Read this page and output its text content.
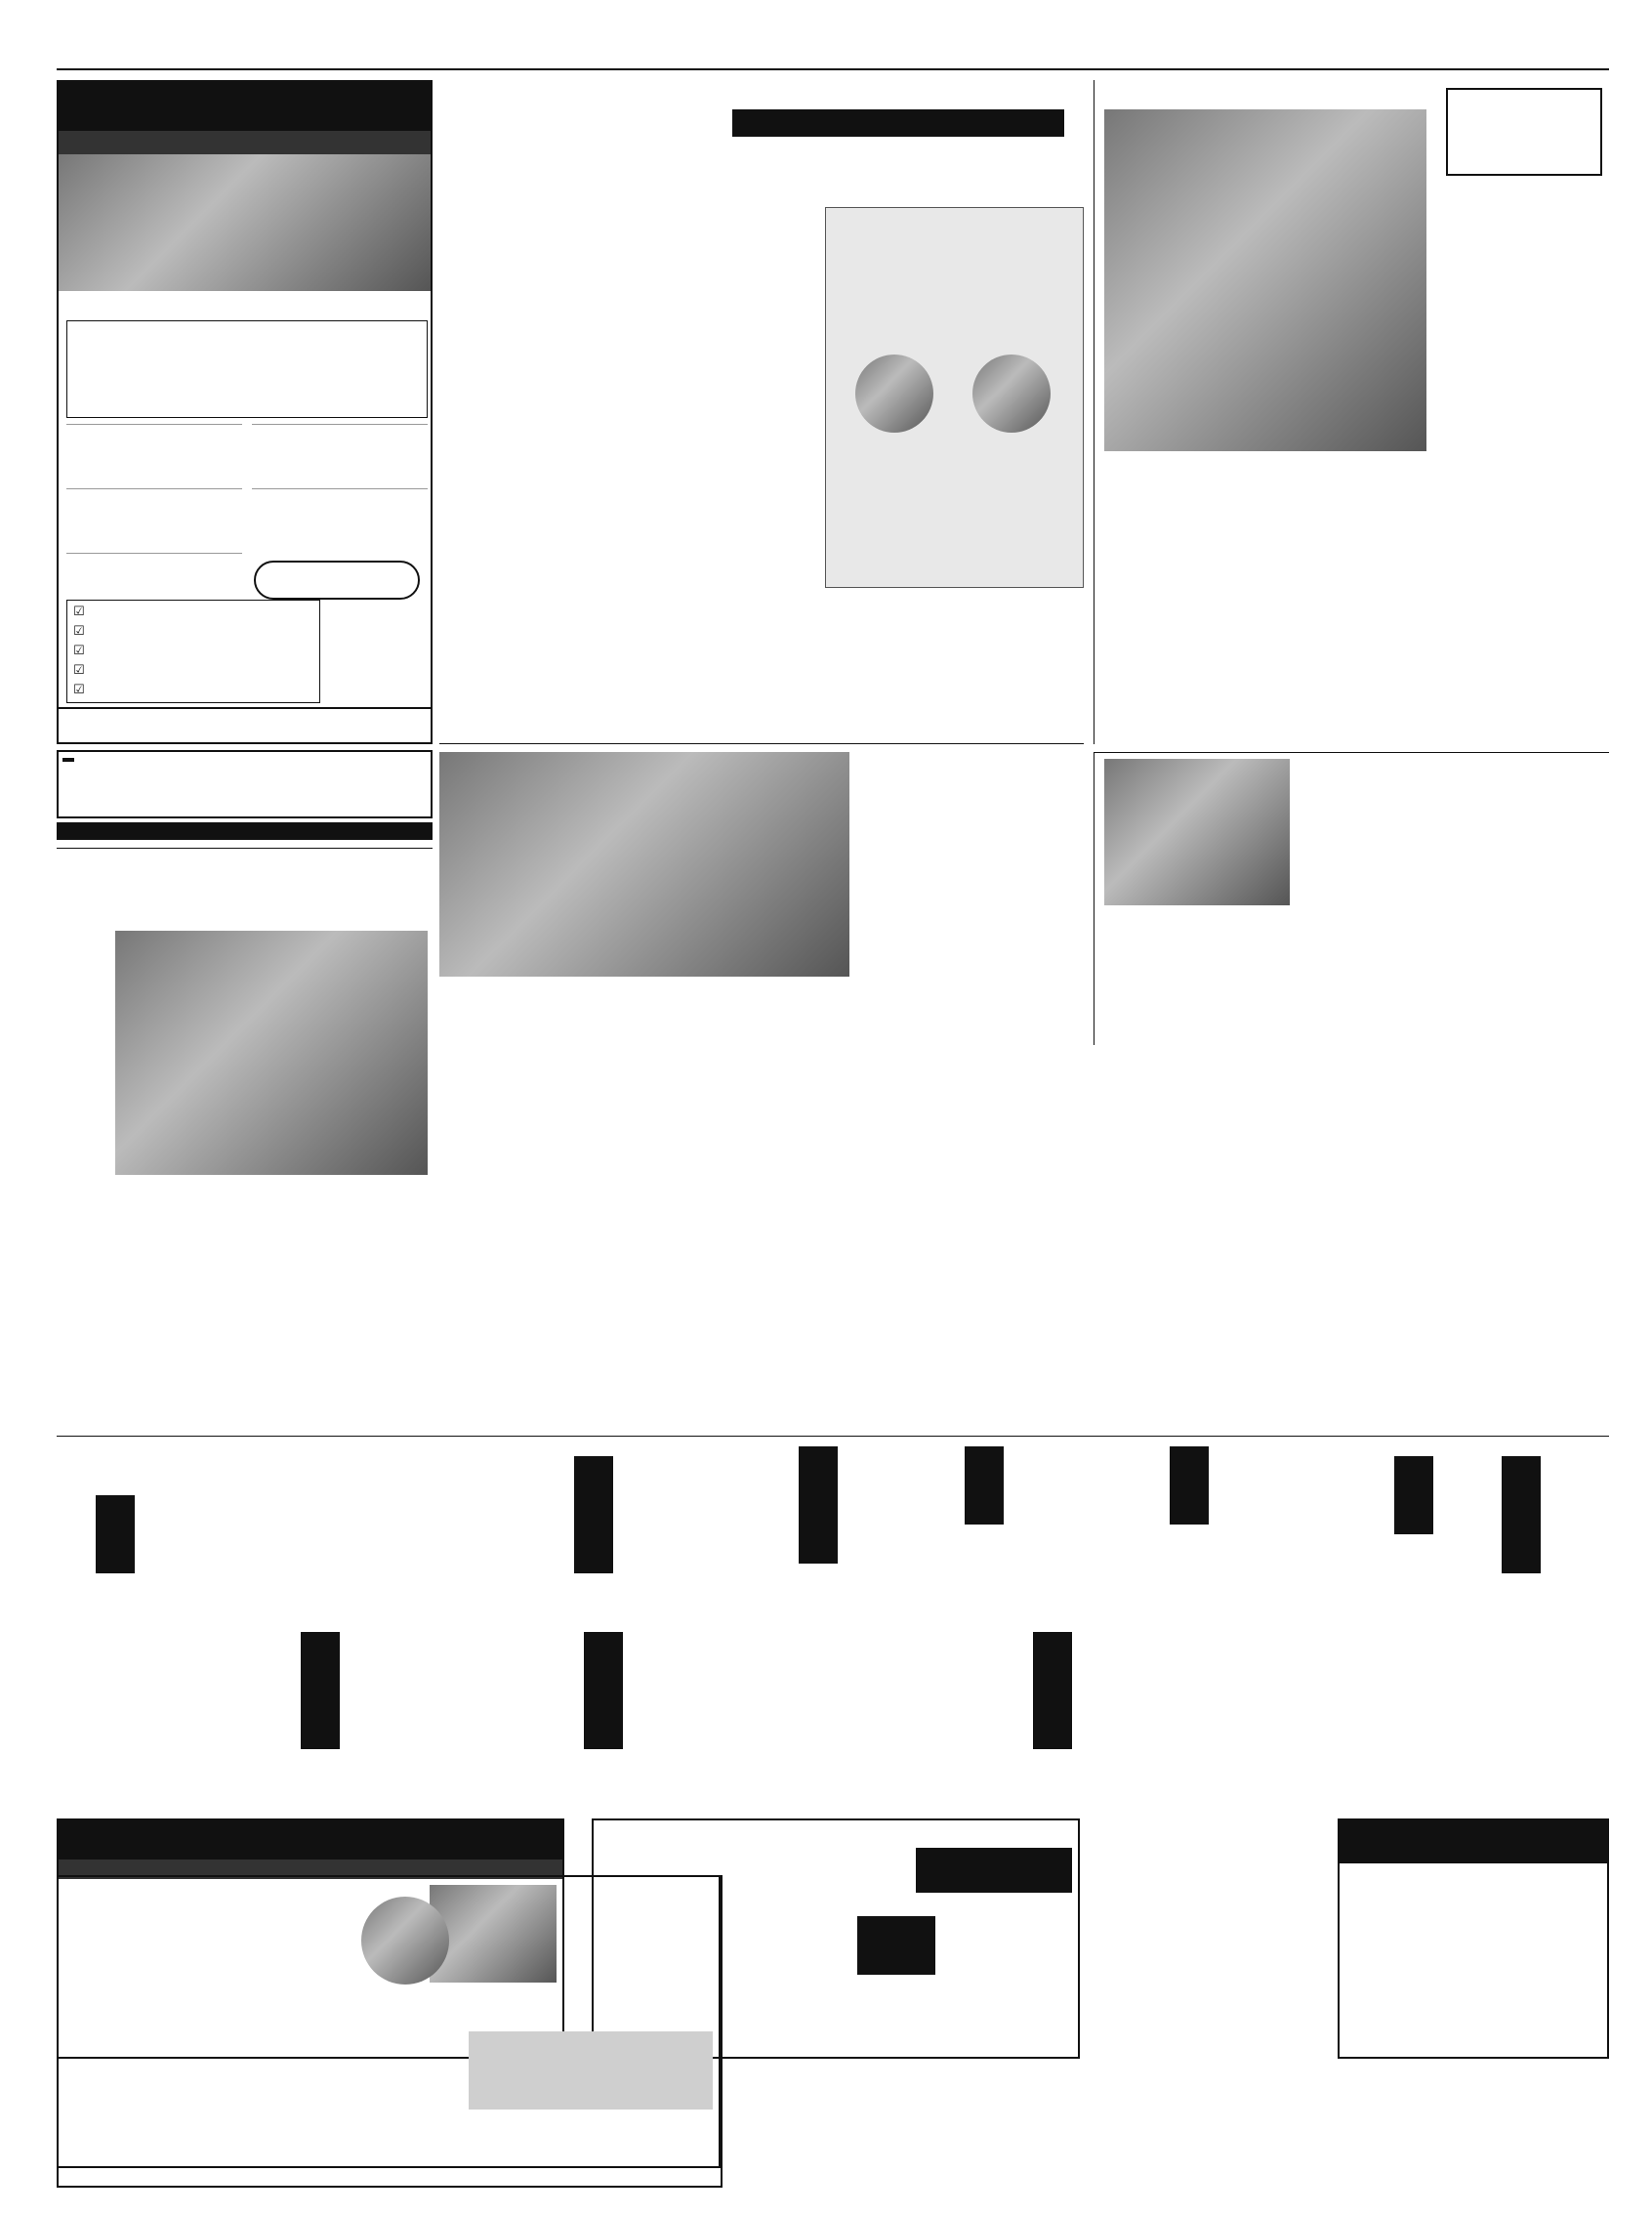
☑
☑
☑
☑
☑
